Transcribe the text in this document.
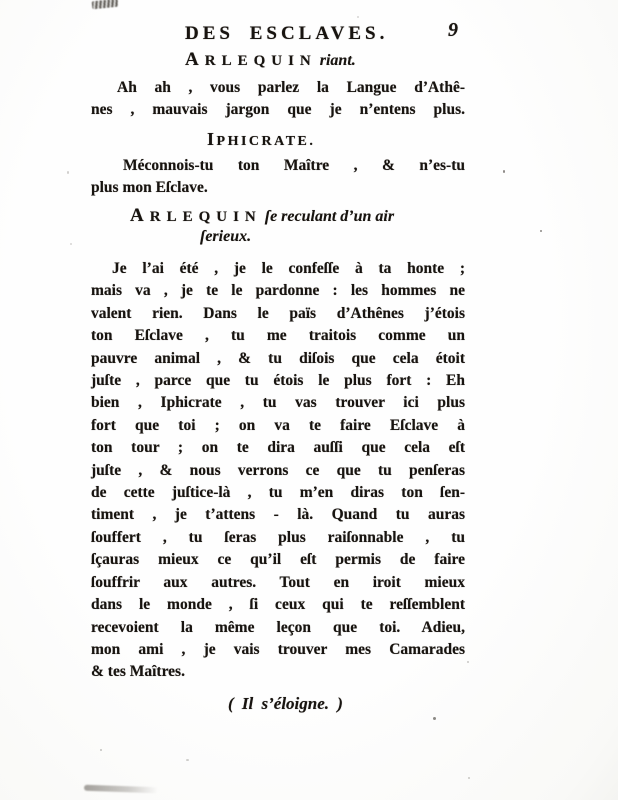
DES ESCLAVES.	9
ARLEQUIN riant.
Ah ah , vous parlez la Langue d’Athê-
nes , mauvais jargon que je n’entens plus.
IPHICRATE.
Méconnois-tu ton Maître , & n’es-tu
plus mon Eſclave.
ARLEQUIN ſe reculant d’un air
ſerieux.
Je l’ai été , je le confeſſe à ta honte ;
mais va , je te le pardonne : les hommes ne
valent rien. Dans le païs d’Athênes j’étois
ton Eſclave , tu me traitois comme un
pauvre animal , & tu diſois que cela étoit
juſte , parce que tu étois le plus fort : Eh
bien , Iphicrate , tu vas trouver ici plus
fort que toi ; on va te faire Eſclave à
ton tour ; on te dira auſſi que cela eſt
juſte , & nous verrons ce que tu penſeras
de cette juſtice-là , tu m’en diras ton ſen-
timent , je t’attens - là. Quand tu auras
ſouffert , tu ſeras plus raiſonnable , tu
ſçauras mieux ce qu’il eſt permis de faire
ſouffrir aux autres. Tout en iroit mieux
dans le monde , ſi ceux qui te reſſemblent
recevoient la même leçon que toi. Adieu,
mon ami , je vais trouver mes Camarades
& tes Maîtres.
( Il s’éloigne. )
